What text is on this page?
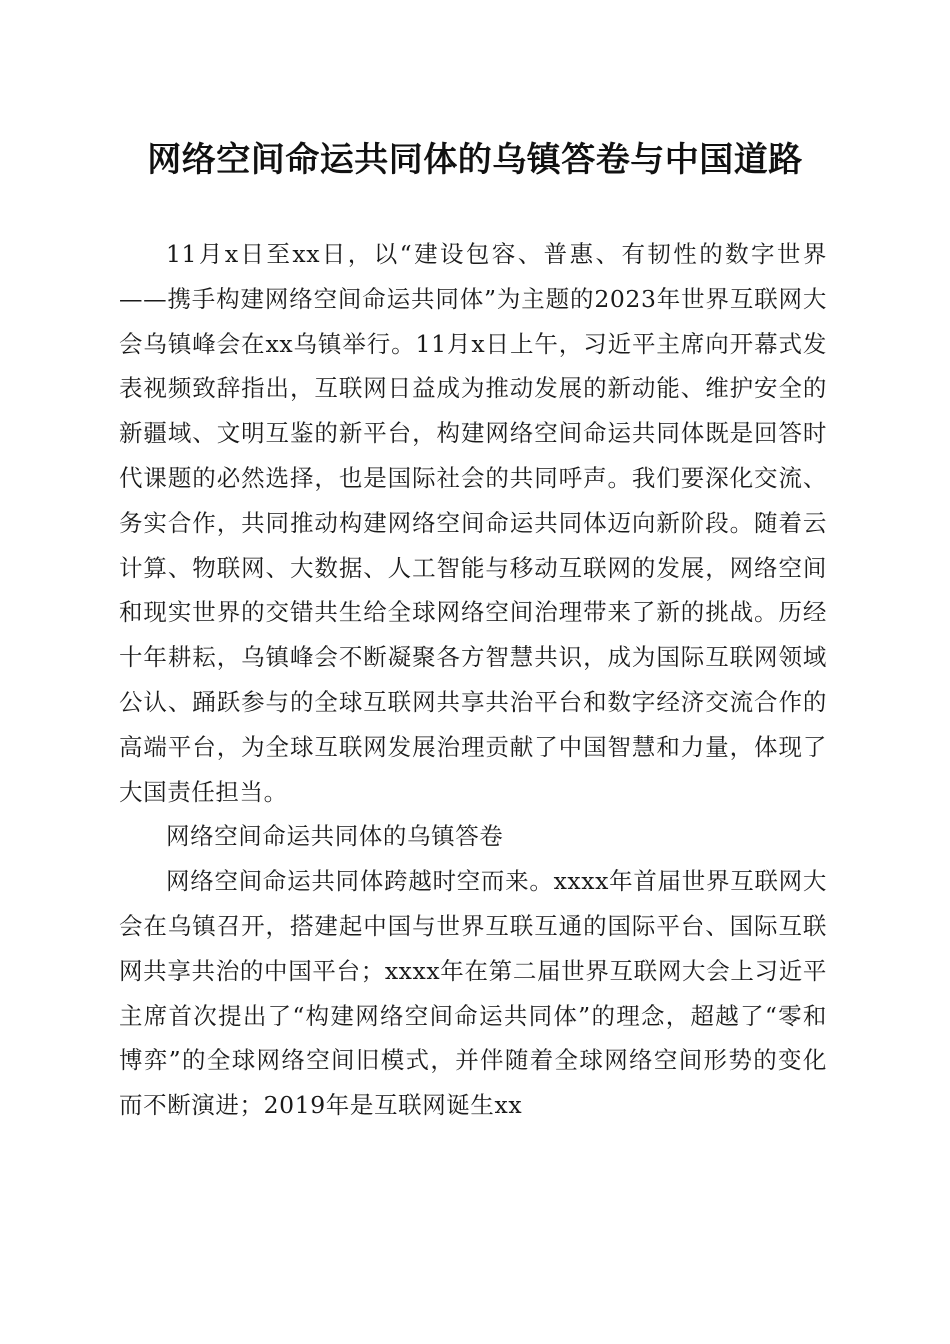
网络空间命运共同体的乌镇答卷与中国道路

11月x日至xx日，以“建设包容、普惠、有韧性的数字世界——携手构建网络空间命运共同体”为主题的2023年世界互联网大会乌镇峰会在xx乌镇举行。11月x日上午，习近平主席向开幕式发表视频致辞指出，互联网日益成为推动发展的新动能、维护安全的新疆域、文明互鉴的新平台，构建网络空间命运共同体既是回答时代课题的必然选择，也是国际社会的共同呼声。我们要深化交流、务实合作，共同推动构建网络空间命运共同体迈向新阶段。随着云计算、物联网、大数据、人工智能与移动互联网的发展，网络空间和现实世界的交错共生给全球网络空间治理带来了新的挑战。历经十年耕耘，乌镇峰会不断凝聚各方智慧共识，成为国际互联网领域公认、踊跃参与的全球互联网共享共治平台和数字经济交流合作的高端平台，为全球互联网发展治理贡献了中国智慧和力量，体现了大国责任担当。

网络空间命运共同体的乌镇答卷

网络空间命运共同体跨越时空而来。xxxx年首届世界互联网大会在乌镇召开，搭建起中国与世界互联互通的国际平台、国际互联网共享共治的中国平台；xxxx年在第二届世界互联网大会上习近平主席首次提出了“构建网络空间命运共同体”的理念，超越了“零和博弈”的全球网络空间旧模式，并伴随着全球网络空间形势的变化而不断演进；2019年是互联网诞生xx
